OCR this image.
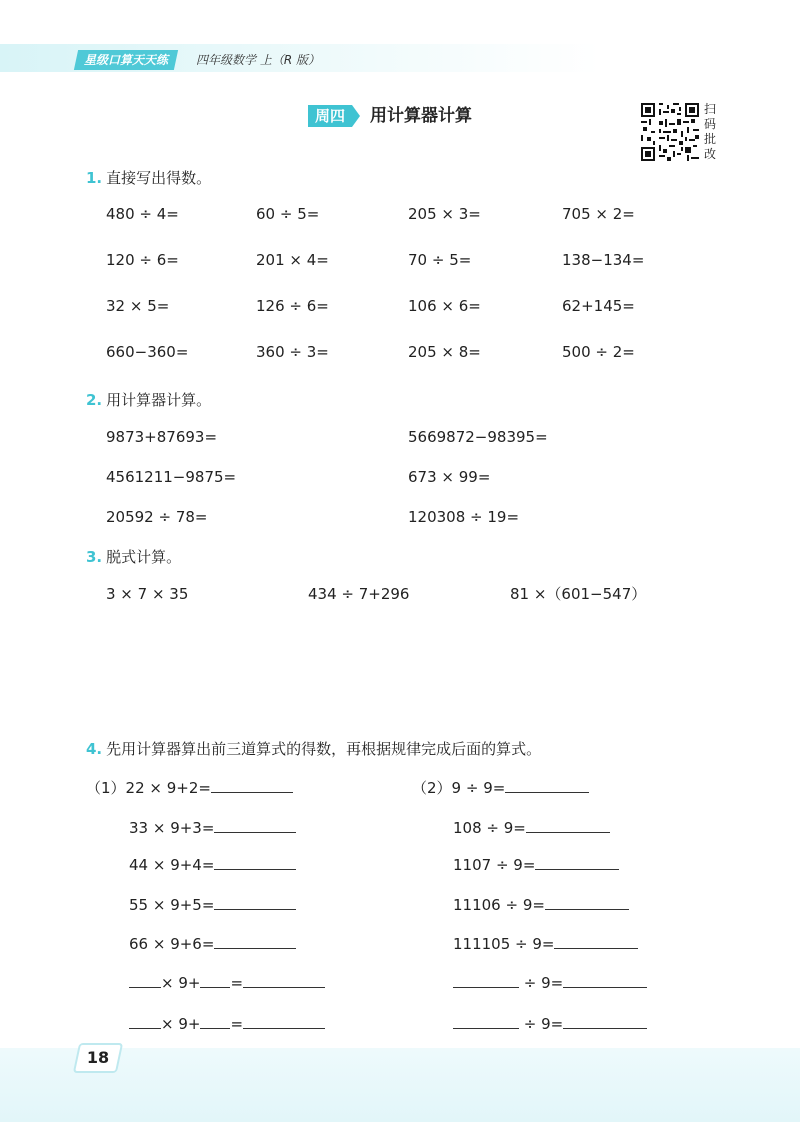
星级口算天天练	四年级数学 上（R 版）
周四	用计算器计算	扫
码
批
改
1. 直接写出得数。
480 ÷ 4=	60 ÷ 5=	205 × 3=	705 × 2=
120 ÷ 6=	201 × 4=	70 ÷ 5=	138−134=
32 × 5=	126 ÷ 6=	106 × 6=	62+145=
660−360=	360 ÷ 3=	205 × 8=	500 ÷ 2=
2. 用计算器计算。
9873+87693=	5669872−98395=
4561211−9875=	673 × 99=
20592 ÷ 78=	120308 ÷ 19=
3. 脱式计算。
3 × 7 × 35	434 ÷ 7+296	81 ×（601−547）
4. 先用计算器算出前三道算式的得数，再根据规律完成后面的算式。
（1）22 × 9+2=
33 × 9+3=
44 × 9+4=
55 × 9+5=
66 × 9+6=
× 9+ =
× 9+ =
（2）9 ÷ 9=
108 ÷ 9=
1107 ÷ 9=
11106 ÷ 9=
111105 ÷ 9=
÷ 9=
÷ 9=
18
